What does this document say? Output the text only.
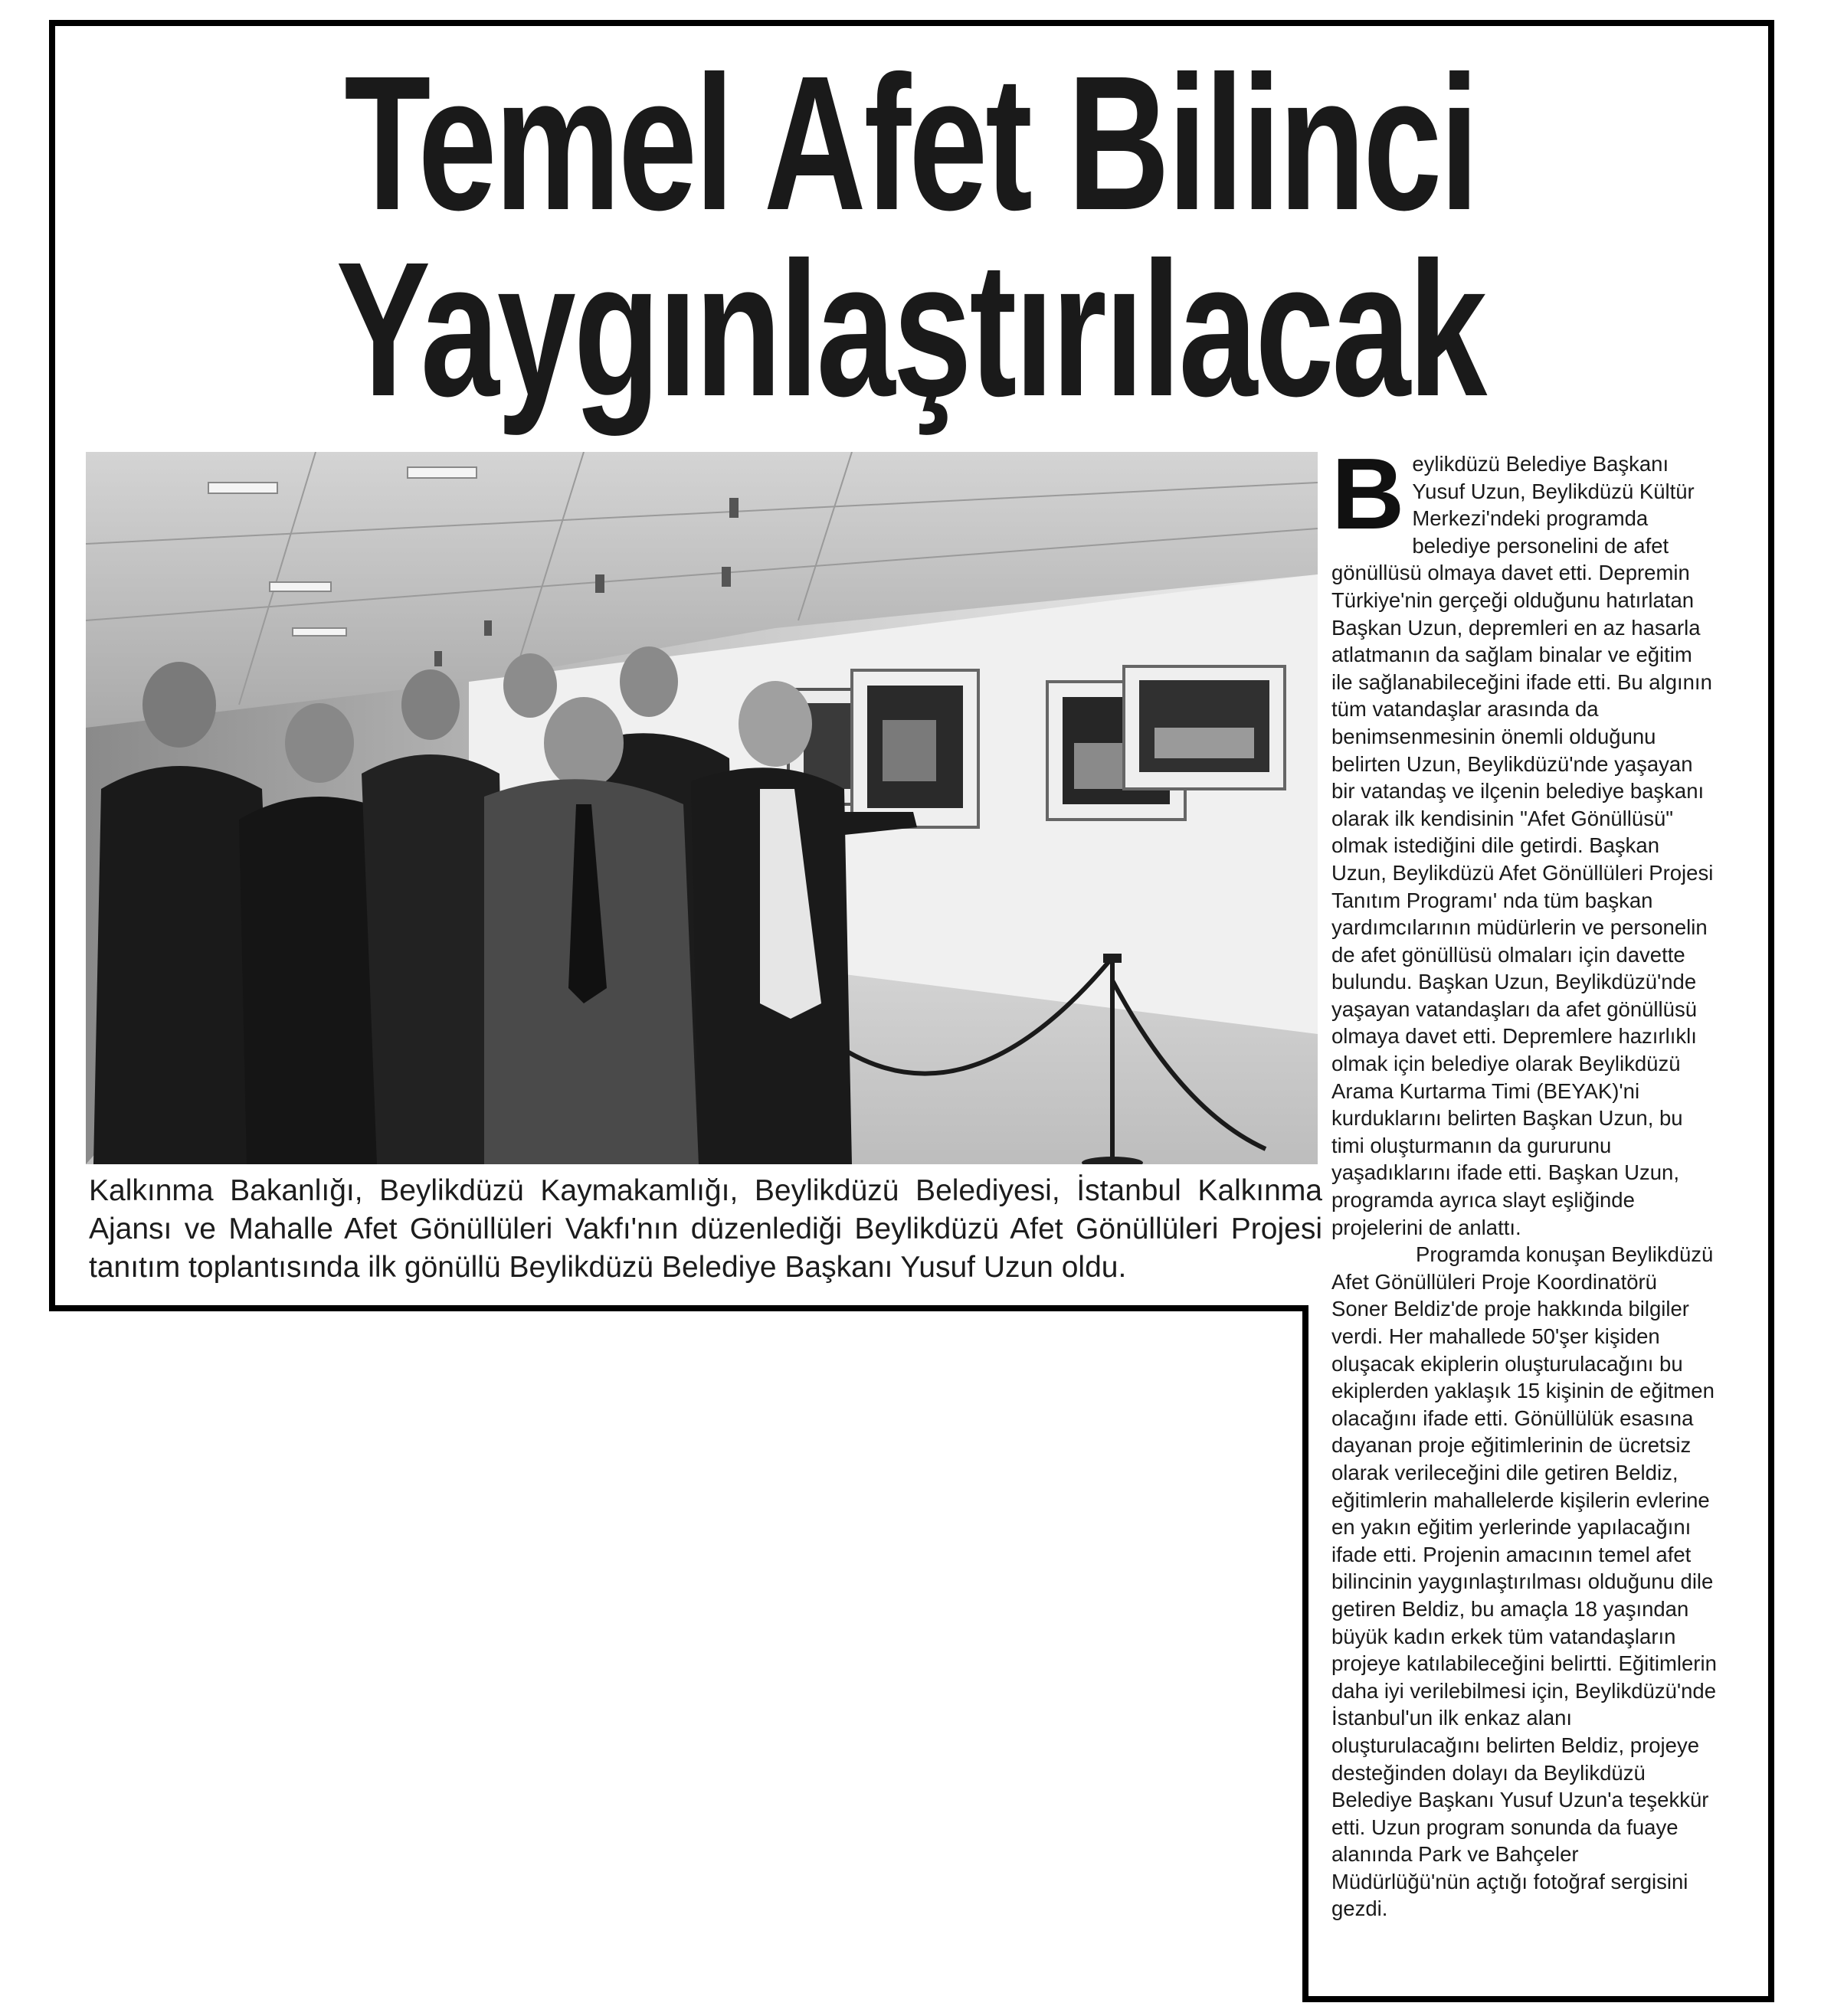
Temel Afet Bilinci
Yaygınlaştırılacak
Kalkınma Bakanlığı, Beylikdüzü Kaymakamlığı, Beylikdüzü Belediyesi, İstanbul Kalkınma Ajansı ve Mahalle Afet Gönüllüleri Vakfı'nın düzenlediği Beylikdüzü Afet Gönüllüleri Projesi tanıtım toplantısında ilk gönüllü Beylikdüzü Belediye Başkanı Yusuf Uzun oldu.

B eylikdüzü Belediye Başkanı Yusuf Uzun, Beylikdüzü Kültür Merkezi'ndeki programda belediye personelini de afet gönüllüsü olmaya davet etti. Depremin Türkiye'nin gerçeği olduğunu hatırlatan Başkan Uzun, depremleri en az hasarla atlatmanın da sağlam binalar ve eğitim ile sağlanabileceğini ifade etti. Bu algının tüm vatandaşlar arasında da benimsenmesinin önemli olduğunu belirten Uzun, Beylikdüzü'nde yaşayan bir vatandaş ve ilçenin belediye başkanı olarak ilk kendisinin "Afet Gönüllüsü" olmak istediğini dile getirdi. Başkan Uzun, Beylikdüzü Afet Gönüllüleri Projesi Tanıtım Programı' nda tüm başkan yardımcılarının müdürlerin ve personelin de afet gönüllüsü olmaları için davette bulundu. Başkan Uzun, Beylikdüzü'nde yaşayan vatandaşları da afet gönüllüsü olmaya davet etti. Depremlere hazırlıklı olmak için belediye olarak Beylikdüzü Arama Kurtarma Timi (BEYAK)'ni kurduklarını belirten Başkan Uzun, bu timi oluşturmanın da gururunu yaşadıklarını ifade etti. Başkan Uzun, programda ayrıca slayt eşliğinde projelerini de anlattı.

Programda konuşan Beylikdüzü Afet Gönüllüleri Proje Koordinatörü Soner Beldiz'de proje hakkında bilgiler verdi. Her mahallede 50'şer kişiden oluşacak ekiplerin oluşturulacağını bu ekiplerden yaklaşık 15 kişinin de eğitmen olacağını ifade etti. Gönüllülük esasına dayanan proje eğitimlerinin de ücretsiz olarak verileceğini dile getiren Beldiz, eğitimlerin mahallelerde kişilerin evlerine en yakın eğitim yerlerinde yapılacağını ifade etti. Projenin amacının temel afet bilincinin yaygınlaştırılması olduğunu dile getiren Beldiz, bu amaçla 18 yaşından büyük kadın erkek tüm vatandaşların projeye katılabileceğini belirtti. Eğitimlerin daha iyi verilebilmesi için, Beylikdüzü'nde İstanbul'un ilk enkaz alanı oluşturulacağını belirten Beldiz, projeye desteğinden dolayı da Beylikdüzü Belediye Başkanı Yusuf Uzun'a teşekkür etti. Uzun program sonunda da fuaye alanında Park ve Bahçeler Müdürlüğü'nün açtığı fotoğraf sergisini gezdi.
